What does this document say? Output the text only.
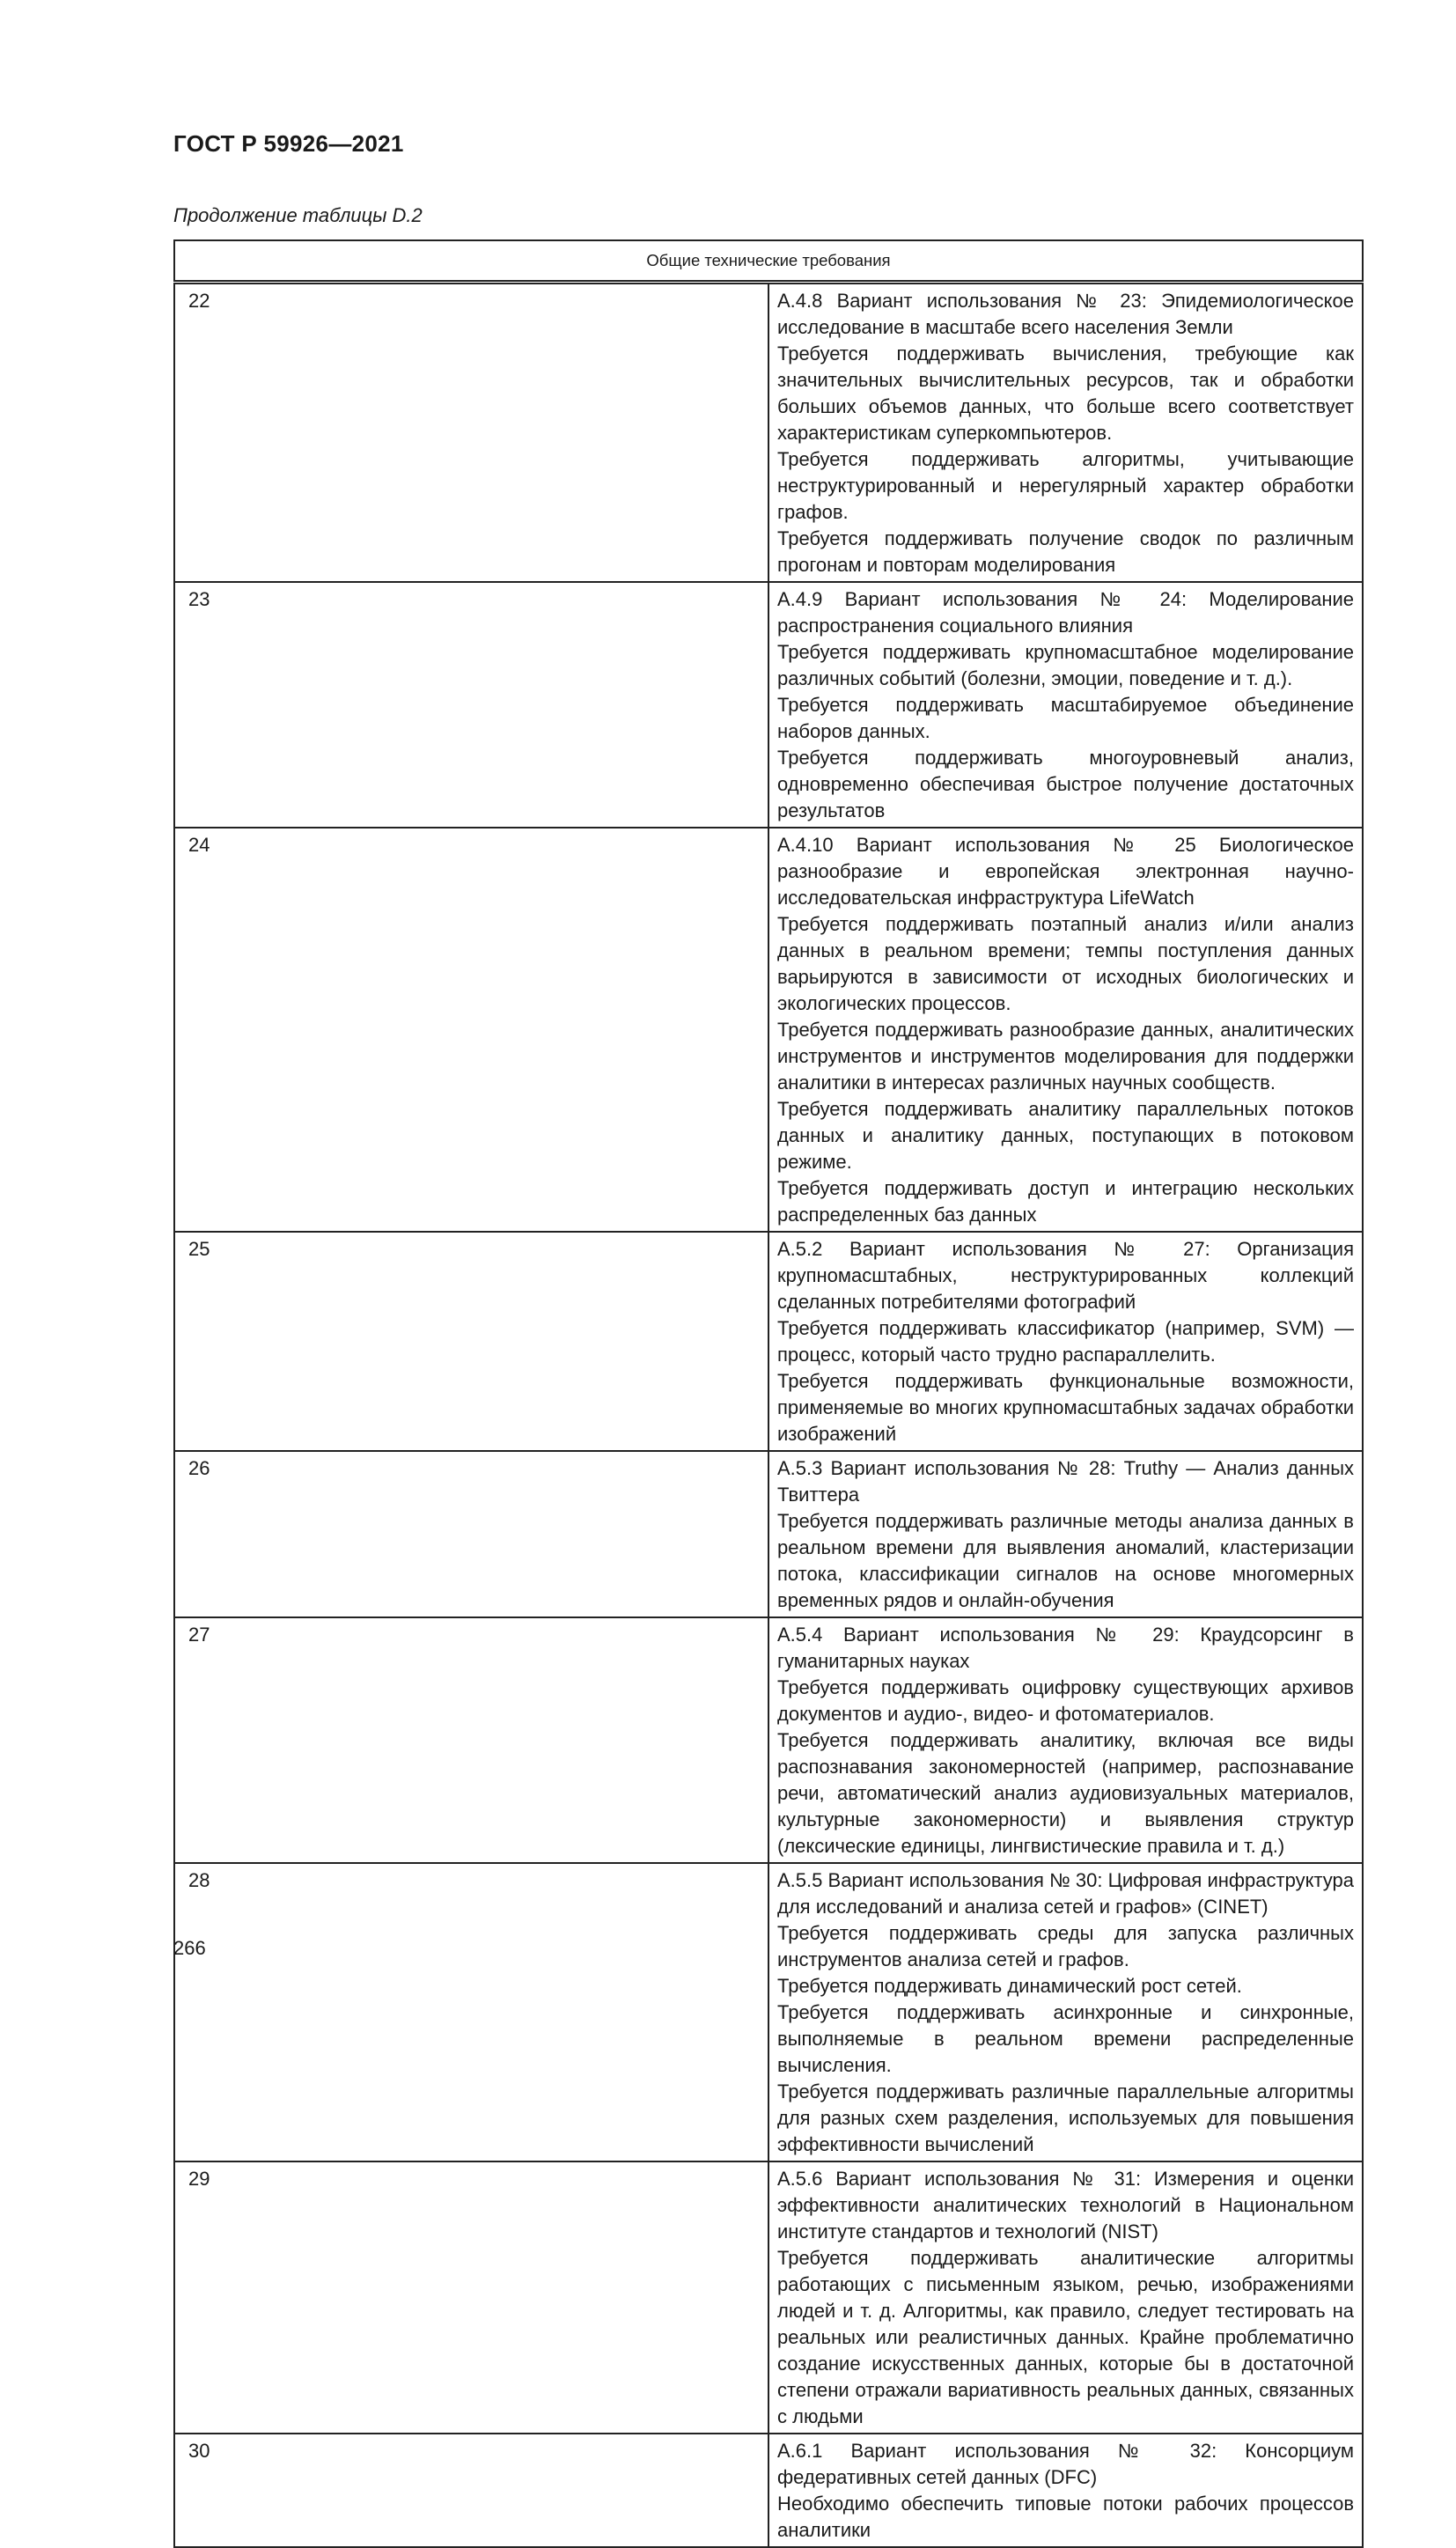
ГОСТ Р 59926—2021
Продолжение таблицы D.2
Общие технические требования	
22	А.4.8 Вариант использования № 23: Эпидемиологическое исследование в масштабе всего населения Земли
Требуется поддерживать вычисления, требующие как значительных вычислительных ресурсов, так и обработки больших объемов данных, что больше всего соответствует характеристикам суперкомпьютеров.
Требуется поддерживать алгоритмы, учитывающие неструктурированный и нерегулярный характер обработки графов.
Требуется поддерживать получение сводок по различным прогонам и повторам моделирования

23	А.4.9 Вариант использования № 24: Моделирование распространения социального влияния
Требуется поддерживать крупномасштабное моделирование различных событий (болезни, эмоции, поведение и т. д.).
Требуется поддерживать масштабируемое объединение наборов данных.
Требуется поддерживать многоуровневый анализ, одновременно обеспечивая быстрое получение достаточных результатов

24	А.4.10 Вариант использования № 25 Биологическое разнообразие и европейская электронная научно-исследовательская инфраструктура LifeWatch
Требуется поддерживать поэтапный анализ и/или анализ данных в реальном времени; темпы поступления данных варьируются в зависимости от исходных биологических и экологических процессов.
Требуется поддерживать разнообразие данных, аналитических инструментов и инструментов моделирования для поддержки аналитики в интересах различных научных сообществ.
Требуется поддерживать аналитику параллельных потоков данных и аналитику данных, поступающих в потоковом режиме.
Требуется поддерживать доступ и интеграцию нескольких распределенных баз данных

25	А.5.2 Вариант использования № 27: Организация крупномасштабных, неструктурированных коллекций сделанных потребителями фотографий
Требуется поддерживать классификатор (например, SVM) — процесс, который часто трудно распараллелить.
Требуется поддерживать функциональные возможности, применяемые во многих крупномасштабных задачах обработки изображений

26	А.5.3 Вариант использования № 28: Truthy — Анализ данных Твиттера
Требуется поддерживать различные методы анализа данных в реальном времени для выявления аномалий, кластеризации потока, классификации сигналов на основе многомерных временных рядов и онлайн-обучения

27	А.5.4 Вариант использования № 29: Краудсорсинг в гуманитарных науках
Требуется поддерживать оцифровку существующих архивов документов и аудио-, видео- и фотоматериалов.
Требуется поддерживать аналитику, включая все виды распознавания закономерностей (например, распознавание речи, автоматический анализ аудиовизуальных материалов, культурные закономерности) и выявления структур (лексические единицы, лингвистические правила и т. д.)

28	А.5.5 Вариант использования № 30: Цифровая инфраструктура для исследований и анализа сетей и графов» (CINET)
Требуется поддерживать среды для запуска различных инструментов анализа сетей и графов.
Требуется поддерживать динамический рост сетей.
Требуется поддерживать асинхронные и синхронные, выполняемые в реальном времени распределенные вычисления.
Требуется поддерживать различные параллельные алгоритмы для разных схем разделения, используемых для повышения эффективности вычислений

29	А.5.6 Вариант использования № 31: Измерения и оценки эффективности аналитических технологий в Национальном институте стандартов и технологий (NIST)
Требуется поддерживать аналитические алгоритмы работающих с письменным языком, речью, изображениями людей и т. д. Алгоритмы, как правило, следует тестировать на реальных или реалистичных данных. Крайне проблематично создание искусственных данных, которые бы в достаточной степени отражали вариативность реальных данных, связанных с людьми

30	А.6.1 Вариант использования № 32: Консорциум федеративных сетей данных (DFC)
Необходимо обеспечить типовые потоки рабочих процессов аналитики
266
